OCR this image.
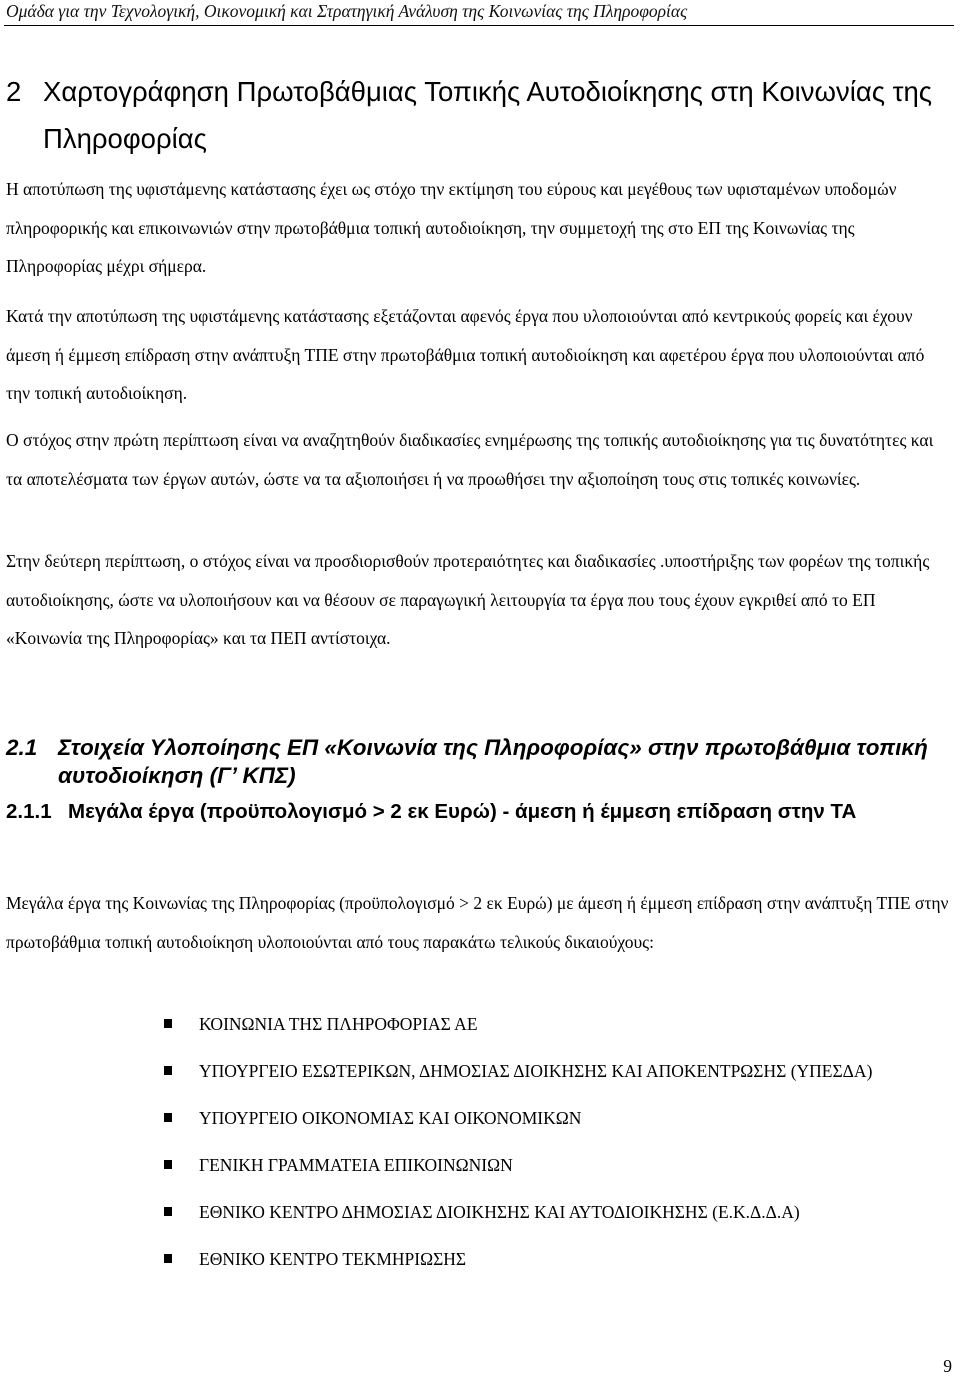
Ομάδα για την Τεχνολογική, Οικονομική και Στρατηγική Ανάλυση της Κοινωνίας της Πληροφορίας
2 Χαρτογράφηση Πρωτοβάθμιας Τοπικής Αυτοδιοίκησης στη Κοινωνίας της Πληροφορίας
Η αποτύπωση της υφιστάμενης κατάστασης έχει ως στόχο την εκτίμηση του εύρους και μεγέθους των υφισταμένων υποδομών πληροφορικής και επικοινωνιών στην πρωτοβάθμια τοπική αυτοδιοίκηση, την συμμετοχή της στο ΕΠ της Κοινωνίας της Πληροφορίας μέχρι σήμερα.
Κατά την αποτύπωση της υφιστάμενης κατάστασης εξετάζονται αφενός έργα που υλοποιούνται από κεντρικούς φορείς και έχουν άμεση ή έμμεση επίδραση στην ανάπτυξη ΤΠΕ στην πρωτοβάθμια τοπική αυτοδιοίκηση και αφετέρου έργα που υλοποιούνται από την τοπική αυτοδιοίκηση.
Ο στόχος στην πρώτη περίπτωση είναι να αναζητηθούν διαδικασίες ενημέρωσης της τοπικής αυτοδιοίκησης για τις δυνατότητες και τα αποτελέσματα των έργων αυτών, ώστε να τα αξιοποιήσει ή να προωθήσει την αξιοποίηση τους στις τοπικές κοινωνίες.
Στην δεύτερη περίπτωση, ο στόχος είναι να προσδιορισθούν προτεραιότητες και διαδικασίες .υποστήριξης των φορέων της τοπικής αυτοδιοίκησης, ώστε να υλοποιήσουν και να θέσουν σε παραγωγική λειτουργία τα έργα που τους έχουν εγκριθεί από το ΕΠ «Κοινωνία της Πληροφορίας» και τα ΠΕΠ αντίστοιχα.
2.1 Στοιχεία Υλοποίησης ΕΠ «Κοινωνία της Πληροφορίας» στην πρωτοβάθμια τοπική αυτοδιοίκηση (Γ’ ΚΠΣ)
2.1.1 Μεγάλα έργα (προϋπολογισμό > 2 εκ Ευρώ) - άμεση ή έμμεση επίδραση στην ΤΑ
Μεγάλα έργα της Κοινωνίας της Πληροφορίας (προϋπολογισμό > 2 εκ Ευρώ) με άμεση ή έμμεση επίδραση στην ανάπτυξη ΤΠΕ στην πρωτοβάθμια τοπική αυτοδιοίκηση υλοποιούνται από τους παρακάτω τελικούς δικαιούχους:
ΚΟΙΝΩΝΙΑ ΤΗΣ ΠΛΗΡΟΦΟΡΙΑΣ ΑΕ
ΥΠΟΥΡΓΕΙΟ ΕΣΩΤΕΡΙΚΩΝ, ΔΗΜΟΣΙΑΣ ΔΙΟΙΚΗΣΗΣ ΚΑΙ ΑΠΟΚΕΝΤΡΩΣΗΣ (ΥΠΕΣΔΑ)
ΥΠΟΥΡΓΕΙΟ ΟΙΚΟΝΟΜΙΑΣ ΚΑΙ ΟΙΚΟΝΟΜΙΚΩΝ
ΓΕΝΙΚΗ ΓΡΑΜΜΑΤΕΙΑ ΕΠΙΚΟΙΝΩΝΙΩΝ
ΕΘΝΙΚΟ ΚΕΝΤΡΟ ΔΗΜΟΣΙΑΣ ΔΙΟΙΚΗΣΗΣ ΚΑΙ ΑΥΤΟΔΙΟΙΚΗΣΗΣ (Ε.Κ.Δ.Δ.Α)
ΕΘΝΙΚΟ ΚΕΝΤΡΟ ΤΕΚΜΗΡΙΩΣΗΣ
9
